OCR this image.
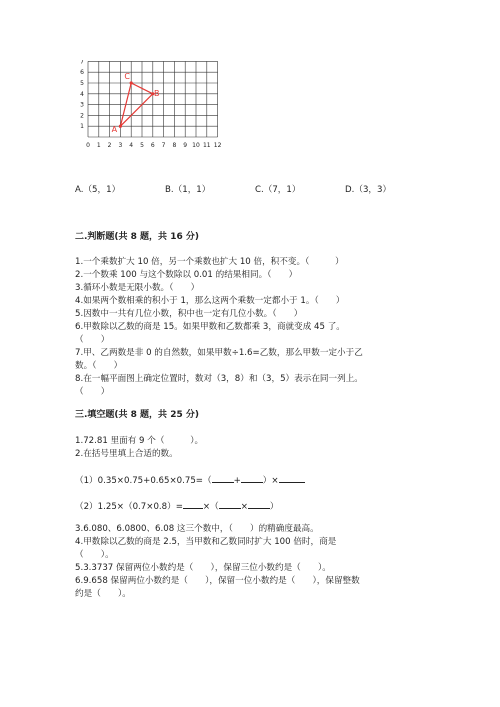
0 1 2 3 4 5 6 7 8 9 10 11 12
1
2
3
4
5
6
7
A
C
B
A.（5，1）	B.（1，1）	C.（7，1）	D.（3，3）
二.判断题(共 8 题，共 16 分)
1.一个乘数扩大 10 倍，另一个乘数也扩大 10 倍，积不变。（　　　）
2.一个数乘 100 与这个数除以 0.01 的结果相同。（　　）
3.循环小数是无限小数。（　　）
4.如果两个数相乘的积小于 1，那么这两个乘数一定都小于 1。（　　）
5.因数中一共有几位小数，积中也一定有几位小数。（　　）
6.甲数除以乙数的商是 15。如果甲数和乙数都乘 3，商就变成 45 了。
（　　）
7.甲、乙两数是非 0 的自然数，如果甲数÷1.6=乙数，那么甲数一定小于乙
数。（　　）
8.在一幅平面图上确定位置时，数对（3，8）和（3，5）表示在同一列上。
（　　）
三.填空题(共 8 题，共 25 分)
1.72.81 里面有 9 个（　　　）。
2.在括号里填上合适的数。
（1）0.35×0.75+0.65×0.75=（	+	）×
（2）1.25×（0.7×0.8）= ×（	×	）
3.6.080、6.0800、6.08 这三个数中，（　　）的精确度最高。
4.甲数除以乙数的商是 2.5，当甲数和乙数同时扩大 100 倍时，商是
（　　）。
5.3.3737 保留两位小数约是（　　），保留三位小数约是（　　）。
6.9.658 保留两位小数约是（　　），保留一位小数约是（　　），保留整数
约是（　　）。
